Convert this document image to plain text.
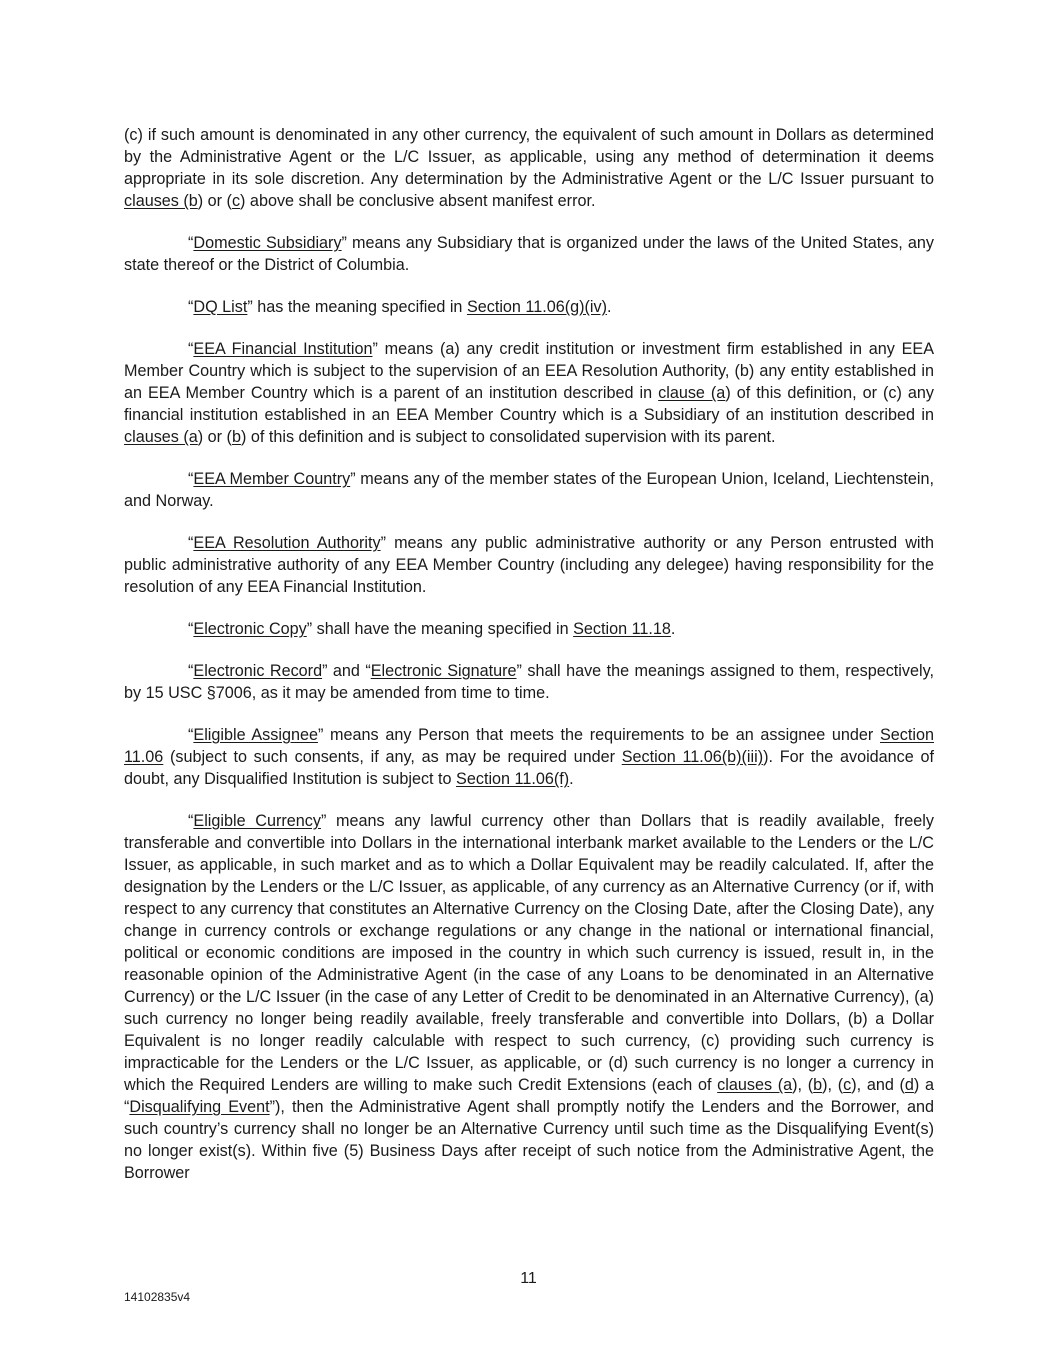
(c) if such amount is denominated in any other currency, the equivalent of such amount in Dollars as determined by the Administrative Agent or the L/C Issuer, as applicable, using any method of determination it deems appropriate in its sole discretion. Any determination by the Administrative Agent or the L/C Issuer pursuant to clauses (b) or (c) above shall be conclusive absent manifest error.

“Domestic Subsidiary” means any Subsidiary that is organized under the laws of the United States, any state thereof or the District of Columbia.

“DQ List” has the meaning specified in Section 11.06(g)(iv).

“EEA Financial Institution” means (a) any credit institution or investment firm established in any EEA Member Country which is subject to the supervision of an EEA Resolution Authority, (b) any entity established in an EEA Member Country which is a parent of an institution described in clause (a) of this definition, or (c) any financial institution established in an EEA Member Country which is a Subsidiary of an institution described in clauses (a) or (b) of this definition and is subject to consolidated supervision with its parent.

“EEA Member Country” means any of the member states of the European Union, Iceland, Liechtenstein, and Norway.

“EEA Resolution Authority” means any public administrative authority or any Person entrusted with public administrative authority of any EEA Member Country (including any delegee) having responsibility for the resolution of any EEA Financial Institution.

“Electronic Copy” shall have the meaning specified in Section 11.18.

“Electronic Record” and “Electronic Signature” shall have the meanings assigned to them, respectively, by 15 USC §7006, as it may be amended from time to time.

“Eligible Assignee” means any Person that meets the requirements to be an assignee under Section 11.06 (subject to such consents, if any, as may be required under Section 11.06(b)(iii)). For the avoidance of doubt, any Disqualified Institution is subject to Section 11.06(f).

“Eligible Currency” means any lawful currency other than Dollars that is readily available, freely transferable and convertible into Dollars in the international interbank market available to the Lenders or the L/C Issuer, as applicable, in such market and as to which a Dollar Equivalent may be readily calculated. If, after the designation by the Lenders or the L/C Issuer, as applicable, of any currency as an Alternative Currency (or if, with respect to any currency that constitutes an Alternative Currency on the Closing Date, after the Closing Date), any change in currency controls or exchange regulations or any change in the national or international financial, political or economic conditions are imposed in the country in which such currency is issued, result in, in the reasonable opinion of the Administrative Agent (in the case of any Loans to be denominated in an Alternative Currency) or the L/C Issuer (in the case of any Letter of Credit to be denominated in an Alternative Currency), (a) such currency no longer being readily available, freely transferable and convertible into Dollars, (b) a Dollar Equivalent is no longer readily calculable with respect to such currency, (c) providing such currency is impracticable for the Lenders or the L/C Issuer, as applicable, or (d) such currency is no longer a currency in which the Required Lenders are willing to make such Credit Extensions (each of clauses (a), (b), (c), and (d) a “Disqualifying Event”), then the Administrative Agent shall promptly notify the Lenders and the Borrower, and such country’s currency shall no longer be an Alternative Currency until such time as the Disqualifying Event(s) no longer exist(s). Within five (5) Business Days after receipt of such notice from the Administrative Agent, the Borrower

11
14102835v4
